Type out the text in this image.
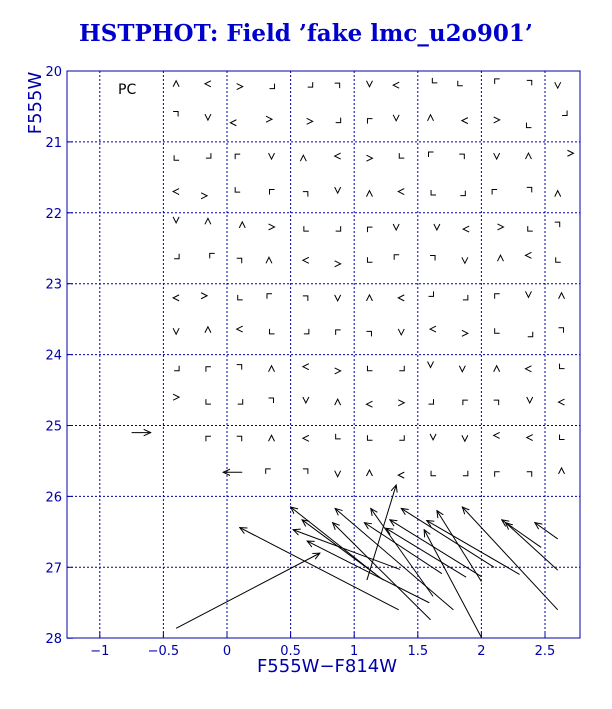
HSTPHOT: Field ’fake lmc_u2o901’
−1	−0.5	0	0.5	1	1.5	2	2.5
20
21
22
23
24
25
26
27
28
PC
F555W−F814W
F555W
